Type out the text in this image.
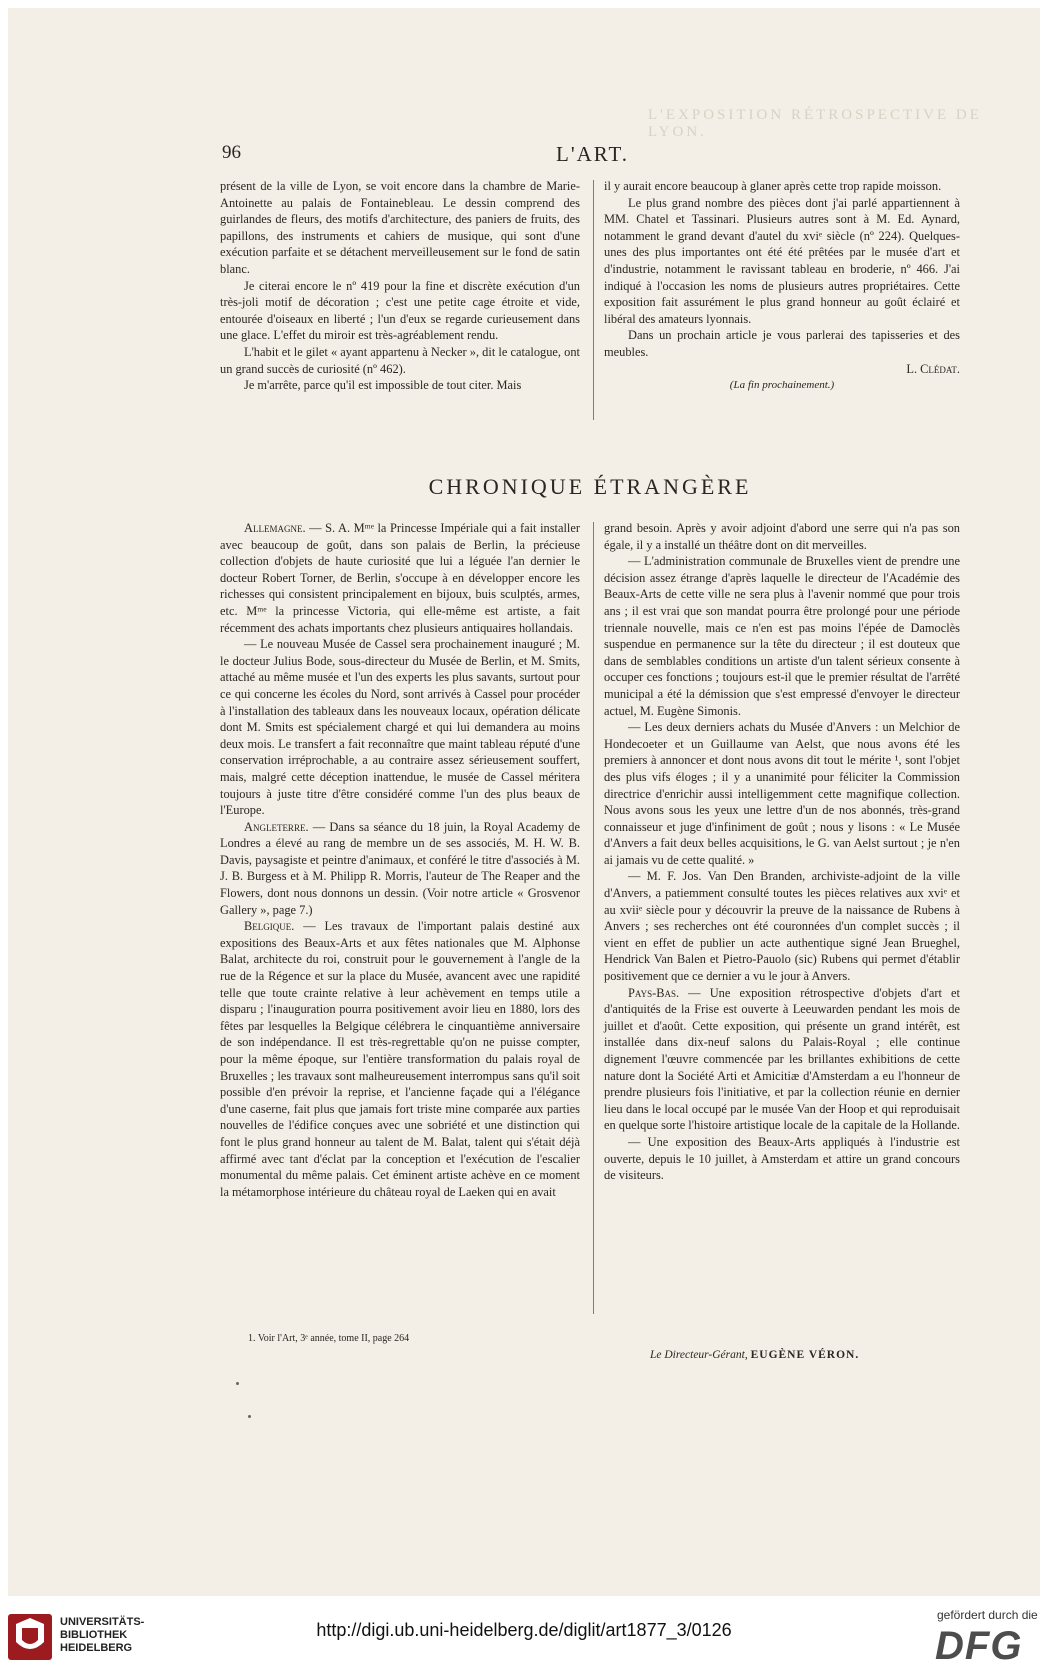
L'EXPOSITION RÉTROSPECTIVE DE LYON.
96	L'ART.

présent de la ville de Lyon, se voit encore dans la chambre de Marie-Antoinette au palais de Fontainebleau. Le dessin comprend des guirlandes de fleurs, des motifs d'architecture, des paniers de fruits, des papillons, des instruments et cahiers de musique, qui sont d'une exécution parfaite et se détachent merveilleusement sur le fond de satin blanc.

Je citerai encore le nº 419 pour la fine et discrète exécution d'un très-joli motif de décoration ; c'est une petite cage étroite et vide, entourée d'oiseaux en liberté ; l'un d'eux se regarde curieusement dans une glace. L'effet du miroir est très-agréablement rendu.

L'habit et le gilet « ayant appartenu à Necker », dit le catalogue, ont un grand succès de curiosité (nº 462).

Je m'arrête, parce qu'il est impossible de tout citer. Mais

il y aurait encore beaucoup à glaner après cette trop rapide moisson.

Le plus grand nombre des pièces dont j'ai parlé appartiennent à MM. Chatel et Tassinari. Plusieurs autres sont à M. Ed. Aynard, notamment le grand devant d'autel du xviᵉ siècle (nº 224). Quelques-unes des plus importantes ont été été prêtées par le musée d'art et d'industrie, notamment le ravissant tableau en broderie, nº 466. J'ai indiqué à l'occasion les noms de plusieurs autres propriétaires. Cette exposition fait assurément le plus grand honneur au goût éclairé et libéral des amateurs lyonnais.

Dans un prochain article je vous parlerai des tapisseries et des meubles.

L. Clédat.
(La fin prochainement.)
CHRONIQUE ÉTRANGÈRE

Allemagne. — S. A. Mᵐᵉ la Princesse Impériale qui a fait installer avec beaucoup de goût, dans son palais de Berlin, la précieuse collection d'objets de haute curiosité que lui a léguée l'an dernier le docteur Robert Torner, de Berlin, s'occupe à en développer encore les richesses qui consistent principalement en bijoux, buis sculptés, armes, etc. Mᵐᵉ la princesse Victoria, qui elle-même est artiste, a fait récemment des achats importants chez plusieurs antiquaires hollandais.

— Le nouveau Musée de Cassel sera prochainement inauguré ; M. le docteur Julius Bode, sous-directeur du Musée de Berlin, et M. Smits, attaché au même musée et l'un des experts les plus savants, surtout pour ce qui concerne les écoles du Nord, sont arrivés à Cassel pour procéder à l'installation des tableaux dans les nouveaux locaux, opération délicate dont M. Smits est spécialement chargé et qui lui demandera au moins deux mois. Le transfert a fait reconnaître que maint tableau réputé d'une conservation irréprochable, a au contraire assez sérieusement souffert, mais, malgré cette déception inattendue, le musée de Cassel méritera toujours à juste titre d'être considéré comme l'un des plus beaux de l'Europe.

Angleterre. — Dans sa séance du 18 juin, la Royal Academy de Londres a élevé au rang de membre un de ses associés, M. H. W. B. Davis, paysagiste et peintre d'animaux, et conféré le titre d'associés à M. J. B. Burgess et à M. Philipp R. Morris, l'auteur de The Reaper and the Flowers, dont nous donnons un dessin. (Voir notre article « Grosvenor Gallery », page 7.)

Belgique. — Les travaux de l'important palais destiné aux expositions des Beaux-Arts et aux fêtes nationales que M. Alphonse Balat, architecte du roi, construit pour le gouvernement à l'angle de la rue de la Régence et sur la place du Musée, avancent avec une rapidité telle que toute crainte relative à leur achèvement en temps utile a disparu ; l'inauguration pourra positivement avoir lieu en 1880, lors des fêtes par lesquelles la Belgique célébrera le cinquantième anniversaire de son indépendance. Il est très-regrettable qu'on ne puisse compter, pour la même époque, sur l'entière transformation du palais royal de Bruxelles ; les travaux sont malheureusement interrompus sans qu'il soit possible d'en prévoir la reprise, et l'ancienne façade qui a l'élégance d'une caserne, fait plus que jamais fort triste mine comparée aux parties nouvelles de l'édifice conçues avec une sobriété et une distinction qui font le plus grand honneur au talent de M. Balat, talent qui s'était déjà affirmé avec tant d'éclat par la conception et l'exécution de l'escalier monumental du même palais. Cet éminent artiste achève en ce moment la métamorphose intérieure du château royal de Laeken qui en avait

grand besoin. Après y avoir adjoint d'abord une serre qui n'a pas son égale, il y a installé un théâtre dont on dit merveilles.

— L'administration communale de Bruxelles vient de prendre une décision assez étrange d'après laquelle le directeur de l'Académie des Beaux-Arts de cette ville ne sera plus à l'avenir nommé que pour trois ans ; il est vrai que son mandat pourra être prolongé pour une période triennale nouvelle, mais ce n'en est pas moins l'épée de Damoclès suspendue en permanence sur la tête du directeur ; il est douteux que dans de semblables conditions un artiste d'un talent sérieux consente à occuper ces fonctions ; toujours est-il que le premier résultat de l'arrêté municipal a été la démission que s'est empressé d'envoyer le directeur actuel, M. Eugène Simonis.

— Les deux derniers achats du Musée d'Anvers : un Melchior de Hondecoeter et un Guillaume van Aelst, que nous avons été les premiers à annoncer et dont nous avons dit tout le mérite ¹, sont l'objet des plus vifs éloges ; il y a unanimité pour féliciter la Commission directrice d'enrichir aussi intelligemment cette magnifique collection. Nous avons sous les yeux une lettre d'un de nos abonnés, très-grand connaisseur et juge d'infiniment de goût ; nous y lisons : « Le Musée d'Anvers a fait deux belles acquisitions, le G. van Aelst surtout ; je n'en ai jamais vu de cette qualité. »

— M. F. Jos. Van Den Branden, archiviste-adjoint de la ville d'Anvers, a patiemment consulté toutes les pièces relatives aux xviᵉ et au xviiᵉ siècle pour y découvrir la preuve de la naissance de Rubens à Anvers ; ses recherches ont été couronnées d'un complet succès ; il vient en effet de publier un acte authentique signé Jean Brueghel, Hendrick Van Balen et Pietro-Pauolo (sic) Rubens qui permet d'établir positivement que ce dernier a vu le jour à Anvers.

Pays-Bas. — Une exposition rétrospective d'objets d'art et d'antiquités de la Frise est ouverte à Leeuwarden pendant les mois de juillet et d'août. Cette exposition, qui présente un grand intérêt, est installée dans dix-neuf salons du Palais-Royal ; elle continue dignement l'œuvre commencée par les brillantes exhibitions de cette nature dont la Société Arti et Amicitiæ d'Amsterdam a eu l'honneur de prendre plusieurs fois l'initiative, et par la collection réunie en dernier lieu dans le local occupé par le musée Van der Hoop et qui reproduisait en quelque sorte l'histoire artistique locale de la capitale de la Hollande.

— Une exposition des Beaux-Arts appliqués à l'industrie est ouverte, depuis le 10 juillet, à Amsterdam et attire un grand concours de visiteurs.

1. Voir l'Art, 3ᵉ année, tome II, page 264
Le Directeur-Gérant, EUGÈNE VÉRON.
UNIVERSITÄTS-
BIBLIOTHEK
HEIDELBERG
http://digi.ub.uni-heidelberg.de/diglit/art1877_3/0126
gefördert durch die
DFG
